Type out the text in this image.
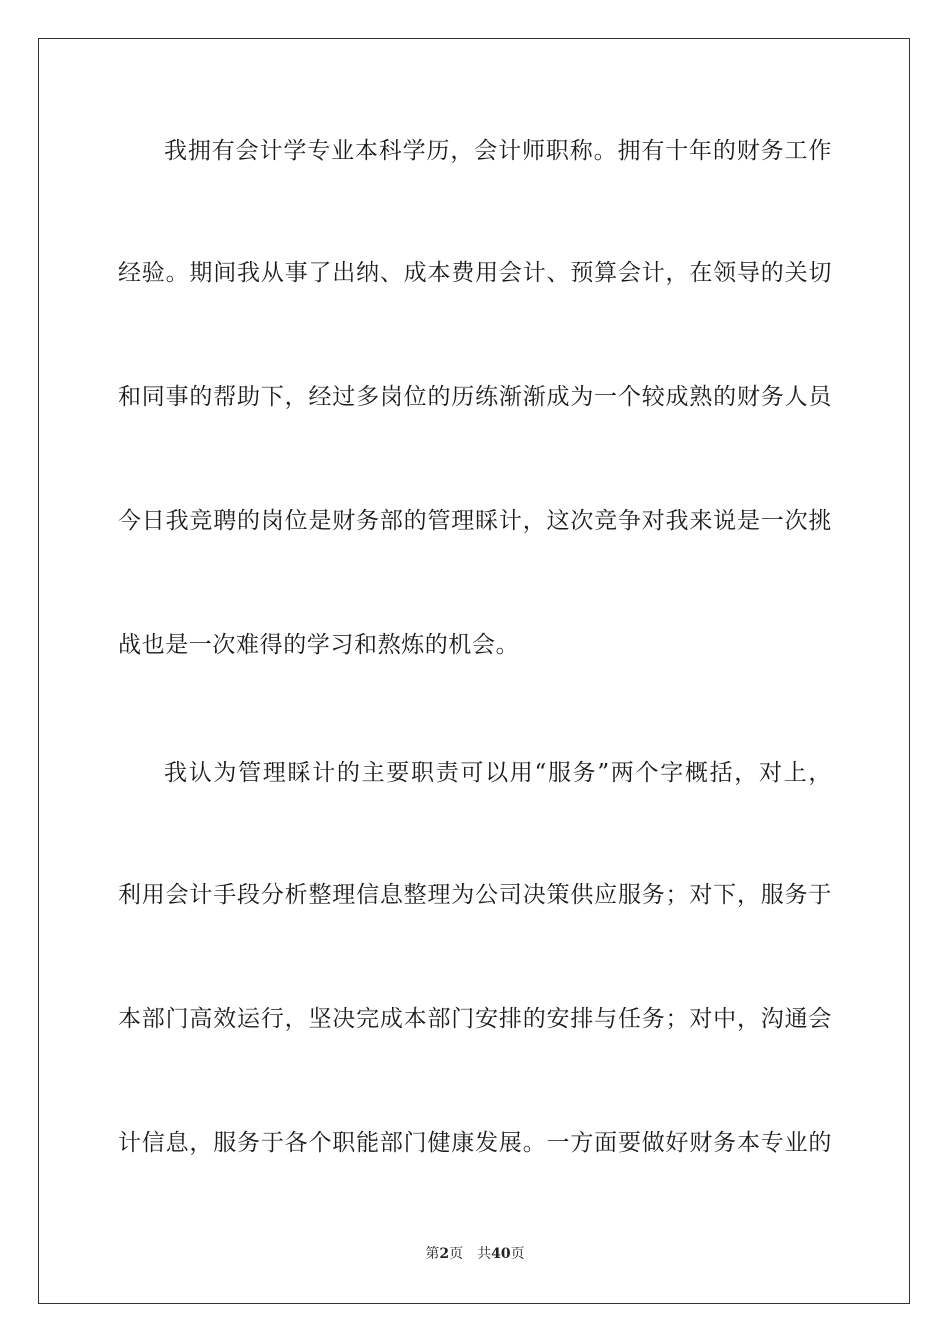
我拥有会计学专业本科学历，会计师职称。拥有十年的财务工作
经验。期间我从事了出纳、成本费用会计、预算会计，在领导的关切
和同事的帮助下，经过多岗位的历练渐渐成为一个较成熟的财务人员
今日我竞聘的岗位是财务部的管理睬计，这次竞争对我来说是一次挑
战也是一次难得的学习和熬炼的机会。
我认为管理睬计的主要职责可以用“服务”两个字概括，对上，
利用会计手段分析整理信息整理为公司决策供应服务；对下，服务于
本部门高效运行，坚决完成本部门安排的安排与任务；对中，沟通会
计信息，服务于各个职能部门健康发展。一方面要做好财务本专业的
第2页 共40页
